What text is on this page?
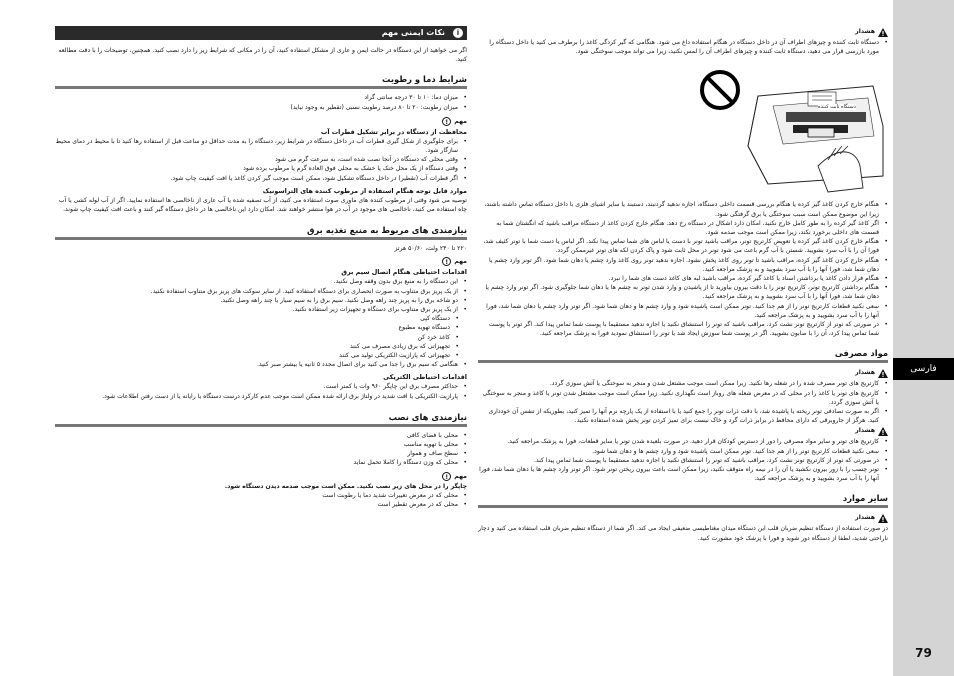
i
نکات ایمنی مهم

اگر می خواهید از این دستگاه در حالت ایمن و عاری از مشکل استفاده کنید، آن را در مکانی که شرایط زیر را دارد نصب کنید. همچنین، توضیحات را با دقت مطالعه کنید.

شرایط دما و رطوبت
• میزان دما: ۱۰ تا ۳۰ درجه سانتی گراد
• میزان رطوبت: ۲۰ تا ۸۰ درصد رطوبت نسبی (تقطیر به وجود نیاید)
مهم
!
محافظت از دستگاه در برابر تشکیل قطرات آب
• برای جلوگیری از شکل گیری قطرات آب در داخل دستگاه در شرایط زیر، دستگاه را به مدت حداقل دو ساعت قبل از استفاده رها کنید تا با محیط در دمای محیط سازگار شود.
• وقتی محلی که دستگاه در آنجا نصب شده است، به سرعت گرم می شود
• وقتی دستگاه از یک محل خنک یا خشک به محلی فوق العاده گرم یا مرطوب برده شود
• اگر قطرات آب (تقطیر) در داخل دستگاه تشکیل شود، ممکن است موجب گیر کردن کاغذ یا افت کیفیت چاپ شود.
موارد قابل توجه هنگام استفاده از مرطوب کننده های التراسونیک

توصیه می شود وقتی از مرطوب کننده های ماوری صوت استفاده می کنید، از آب تصفیه شده یا آب عاری از ناخالصی ها استفاده نمایید. اگر از آب لوله کشی یا آب چاه استفاده می کنید، ناخالصی های موجود در آب در هوا منتشر خواهند شد. امکان دارد این ناخالصی ها در داخل دستگاه گیر کنند و باعث افت کیفیت چاپ شوند.

نیازمندی های مربوط به منبع تغذیه برق

۲۲۰ تا ۲۴۰ ولت، ۵۰/۶۰ هرتز

مهم
!
اقدامات احتیاطی هنگام اتصال سیم برق
• این دستگاه را به منبع برق بدون وقفه وصل نکنید.
• از یک پریز برق متناوب به صورت انحصاری برای دستگاه استفاده کنید. از سایر سوکت های پریز برق متناوب استفاده نکنید.
• دو شاخه برق را به پریز چند راهه وصل نکنید. سیم برق را به سیم سیار یا چند راهه وصل نکنید.
• از یک پریز برق متناوب برای دستگاه و تجهیزات زیر استفاده نکنید.
• دستگاه کپی
• دستگاه تهویه مطبوع
• کاغذ خرد کن
• تجهیزاتی که برق زیادی مصرف می کنند
• تجهیزاتی که پارازیت الکتریکی تولید می کنند
• هنگامی که سیم برق را جدا می کنید برای اتصال مجدد ۵ ثانیه یا بیشتر صبر کنید.
اقدامات احتیاطی الکتریکی
• حداکثر مصرف برق این چاپگر ۹۶۰ وات یا کمتر است.
• پارازیت الکتریکی یا افت شدید در ولتاژ برق ارائه شده ممکن است موجب عدم کارکرد درست دستگاه یا رایانه یا از دست رفتن اطلاعات شود.
نیازمندی های نصب
• محلی با فضای کافی
• محلی با تهویه مناسب
• سطح صاف و هموار
• محلی که وزن دستگاه را کاملا تحمل نماید
مهم
!

چاپگر را در محل های زیر نصب نکنید. ممکن است موجب صدمه دیدن دستگاه شود.

• محلی که در معرض تغییرات شدید دما یا رطوبت است
• محلی که در معرض تقطیر است
هشدار
• دستگاه ثابت کننده و چیزهای اطراف آن در داخل دستگاه در هنگام استفاده داغ می شود. هنگامی که گیر کردگی کاغذ را برطرف می کنید یا داخل دستگاه را مورد بازرسی قرار می دهید، دستگاه ثابت کننده و چیزهای اطراف آن را لمس نکنید، زیرا می تواند موجب سوختگی شود.
دستگاه ثابت کننده
• هنگام خارج کردن کاغذ گیر کرده یا هنگام بررسی قسمت داخلی دستگاه، اجازه ندهید گردنبند، دستبند یا سایر اشیای فلزی با داخل دستگاه تماس داشته باشند، زیرا این موضوع ممکن است سبب سوختگی یا برق گرفتگی شود.
• اگر کاغذ گیر کرده را به طور کامل خارج نکنید، امکان دارد اشکال در دستگاه رخ دهد. هنگام خارج کردن کاغذ از دستگاه مراقب باشید که انگشتان شما به قسمت های داخلی برخورد نکند، زیرا ممکن است موجب صدمه شود.
• هنگام خارج کردن کاغذ گیر کرده یا تعویض کارتریج تونر، مراقب باشید تونر با دست یا لباس های شما تماس پیدا نکند. اگر لباس یا دست شما با تونر کثیف شد، فورا آن را با آب سرد بشویید. شستن با آب گرم باعث می شود تونر در محل ثابت شود و پاک کردن لکه های تونر غیرممکن گردد.
• هنگام خارج کردن کاغذ گیر کرده، مراقب باشید تا تونر روی کاغذ پخش نشود. اجازه ندهید تونر روی کاغذ وارد چشم یا دهان شما شود. اگر تونر وارد چشم یا دهان شما شد، فورا آنها را با آب سرد بشویید و به پزشک مراجعه کنید.
• هنگام فرار دادن کاغذ یا برداشتن اسناد یا کاغذ گیر کرده، مراقب باشید لبه های کاغذ دست های شما را نبرد.
• هنگام برداشتن کارتریج تونر، کارتریج تونر را با دقت بیرون بیاورید تا از پاشیدن و وارد شدن تونر به چشم ها یا دهان شما جلوگیری شود. اگر تونر وارد چشم یا دهان شما شد، فورا آنها را با آب سرد بشویید و به پزشک مراجعه کنید.
• سعی نکنید قطعات کارتریج تونر را از هم جدا کنید. تونر ممکن است پاشیده شود و وارد چشم ها و دهان شما شود. اگر تونر وارد چشم یا دهان شما شد، فورا آنها را با آب سرد بشویید و به پزشک مراجعه کنید.
• در صورتی که تونر از کارتریج تونر نشت کرد، مراقب باشید که تونر را استنشاق نکنید یا اجازه ندهید مستقیما با پوست شما تماس پیدا کند. اگر تونر با پوست شما تماس پیدا کرد، آن را با صابون بشویید. اگر در پوست شما سوزش ایجاد شد یا تونر را استنشاق نمودید فورا به پزشک مراجعه کنید.
مواد مصرفی
هشدار
• کارتریج های تونر مصرف شده را در شعله رها نکنید. زیرا ممکن است موجب مشتعل شدن و منجر به سوختگی یا آتش سوزی گردد.
• کارتریج های تونر یا کاغذ را در محلی که در معرض شعله های روباز است نگهداری نکنید. زیرا ممکن است موجب مشتعل شدن تونر یا کاغذ و منجر به سوختگی یا آتش سوزی گردد.
• اگر به صورت تصادفی تونر ریخته یا پاشیده شد، با دقت ذرات تونر را جمع کنید یا با استفاده از یک پارچه نرم آنها را تمیز کنید، بطوریکه از تنفس آن خودداری کنید. هرگز از جاروبرقی که دارای محافظ در برابر ذرات گرد و خاک نیست برای تمیز کردن تونر پخش شده استفاده نکنید.
هشدار
• کارتریج های تونر و سایر مواد مصرفی را دور از دسترس کودکان قرار دهید. در صورت بلعیده شدن تونر یا سایر قطعات، فورا به پزشک مراجعه کنید.
• سعی نکنید قطعات کارتریج تونر را از هم جدا کنید. تونر ممکن است پاشیده شود و وارد چشم ها و دهان شما شود.
• در صورتی که تونر از کارتریج تونر نشت کرد، مراقب باشید که تونر را استنشاق نکنید یا اجازه ندهید مستقیما با پوست شما تماس پیدا کند.
• تونر چسب را با زور بیرون نکشید یا آن را در نیمه راه متوقف نکنید، زیرا ممکن است باعث بیرون ریختن تونر شود. اگر تونر وارد چشم ها یا دهان شما شد، فورا آنها را با آب سرد بشویید و به پزشک مراجعه کنید.
سایر موارد
هشدار

در صورت استفاده از دستگاه تنظیم ضربان قلب این دستگاه میدان مغناطیسی ضعیفی ایجاد می کند. اگر شما از دستگاه تنظیم ضربان قلب استفاده می کنید و دچار ناراحتی شدید، لطفا از دستگاه دور شوید و فورا با پزشک خود مشورت کنید.

فارسی
79
